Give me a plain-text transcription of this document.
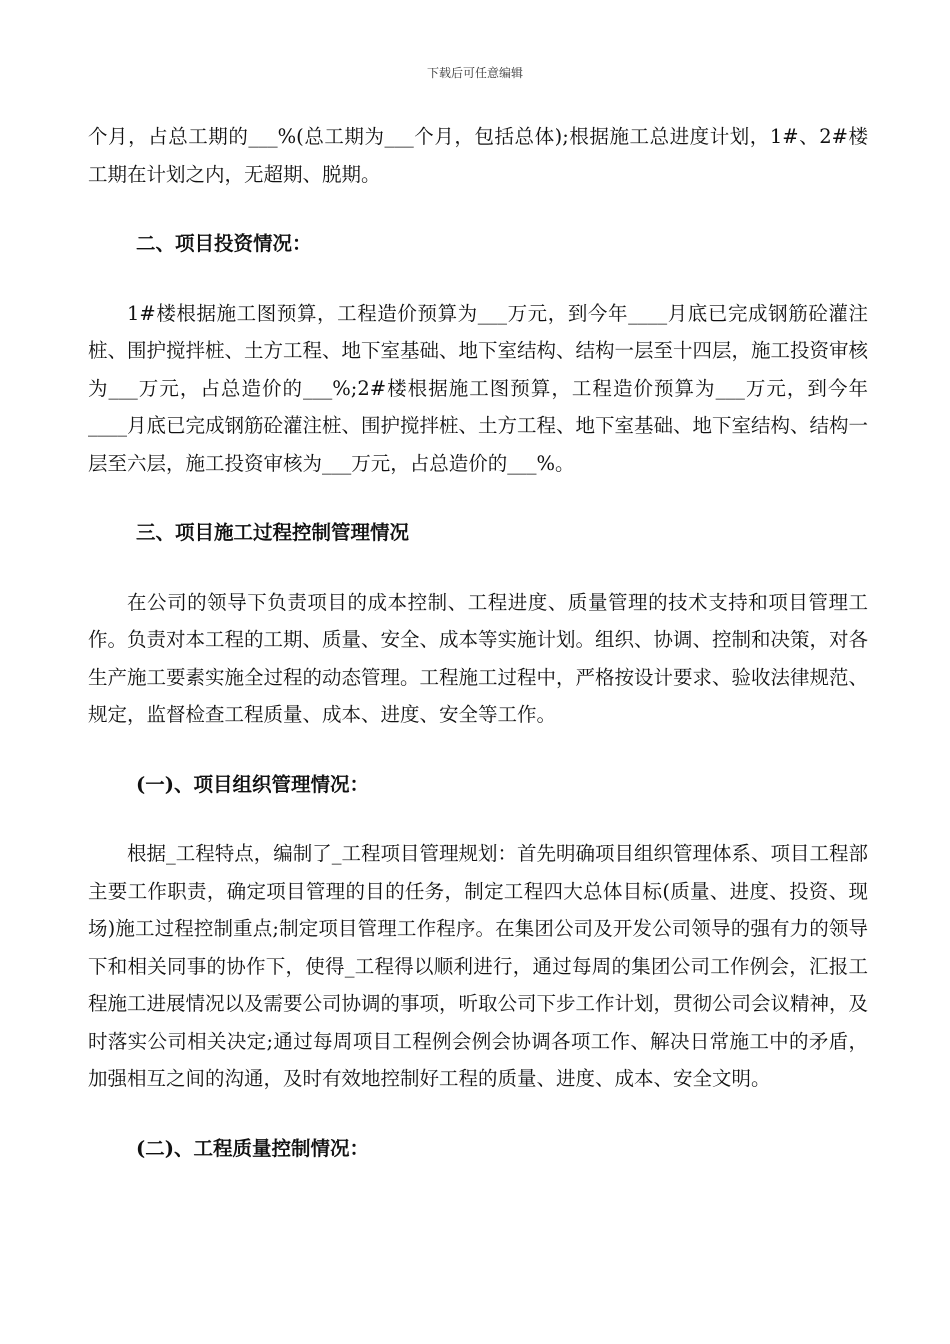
下载后可任意编辑

个月，占总工期的___%(总工期为___个月，包括总体);根据施工总进度计划，1#、2#楼工期在计划之内，无超期、脱期。

二、项目投资情况：

1#楼根据施工图预算，工程造价预算为___万元，到今年____月底已完成钢筋砼灌注桩、围护搅拌桩、土方工程、地下室基础、地下室结构、结构一层至十四层，施工投资审核为___万元，占总造价的___%;2#楼根据施工图预算，工程造价预算为___万元，到今年____月底已完成钢筋砼灌注桩、围护搅拌桩、土方工程、地下室基础、地下室结构、结构一层至六层，施工投资审核为___万元，占总造价的___%。

三、项目施工过程控制管理情况

在公司的领导下负责项目的成本控制、工程进度、质量管理的技术支持和项目管理工作。负责对本工程的工期、质量、安全、成本等实施计划。组织、协调、控制和决策，对各生产施工要素实施全过程的动态管理。工程施工过程中，严格按设计要求、验收法律规范、规定，监督检查工程质量、成本、进度、安全等工作。

(一)、项目组织管理情况：

根据_工程特点，编制了_工程项目管理规划：首先明确项目组织管理体系、项目工程部主要工作职责，确定项目管理的目的任务，制定工程四大总体目标(质量、进度、投资、现场)施工过程控制重点;制定项目管理工作程序。在集团公司及开发公司领导的强有力的领导下和相关同事的协作下，使得_工程得以顺利进行，通过每周的集团公司工作例会，汇报工程施工进展情况以及需要公司协调的事项，听取公司下步工作计划，贯彻公司会议精神，及时落实公司相关决定;通过每周项目工程例会例会协调各项工作、解决日常施工中的矛盾，加强相互之间的沟通，及时有效地控制好工程的质量、进度、成本、安全文明。

(二)、工程质量控制情况：
